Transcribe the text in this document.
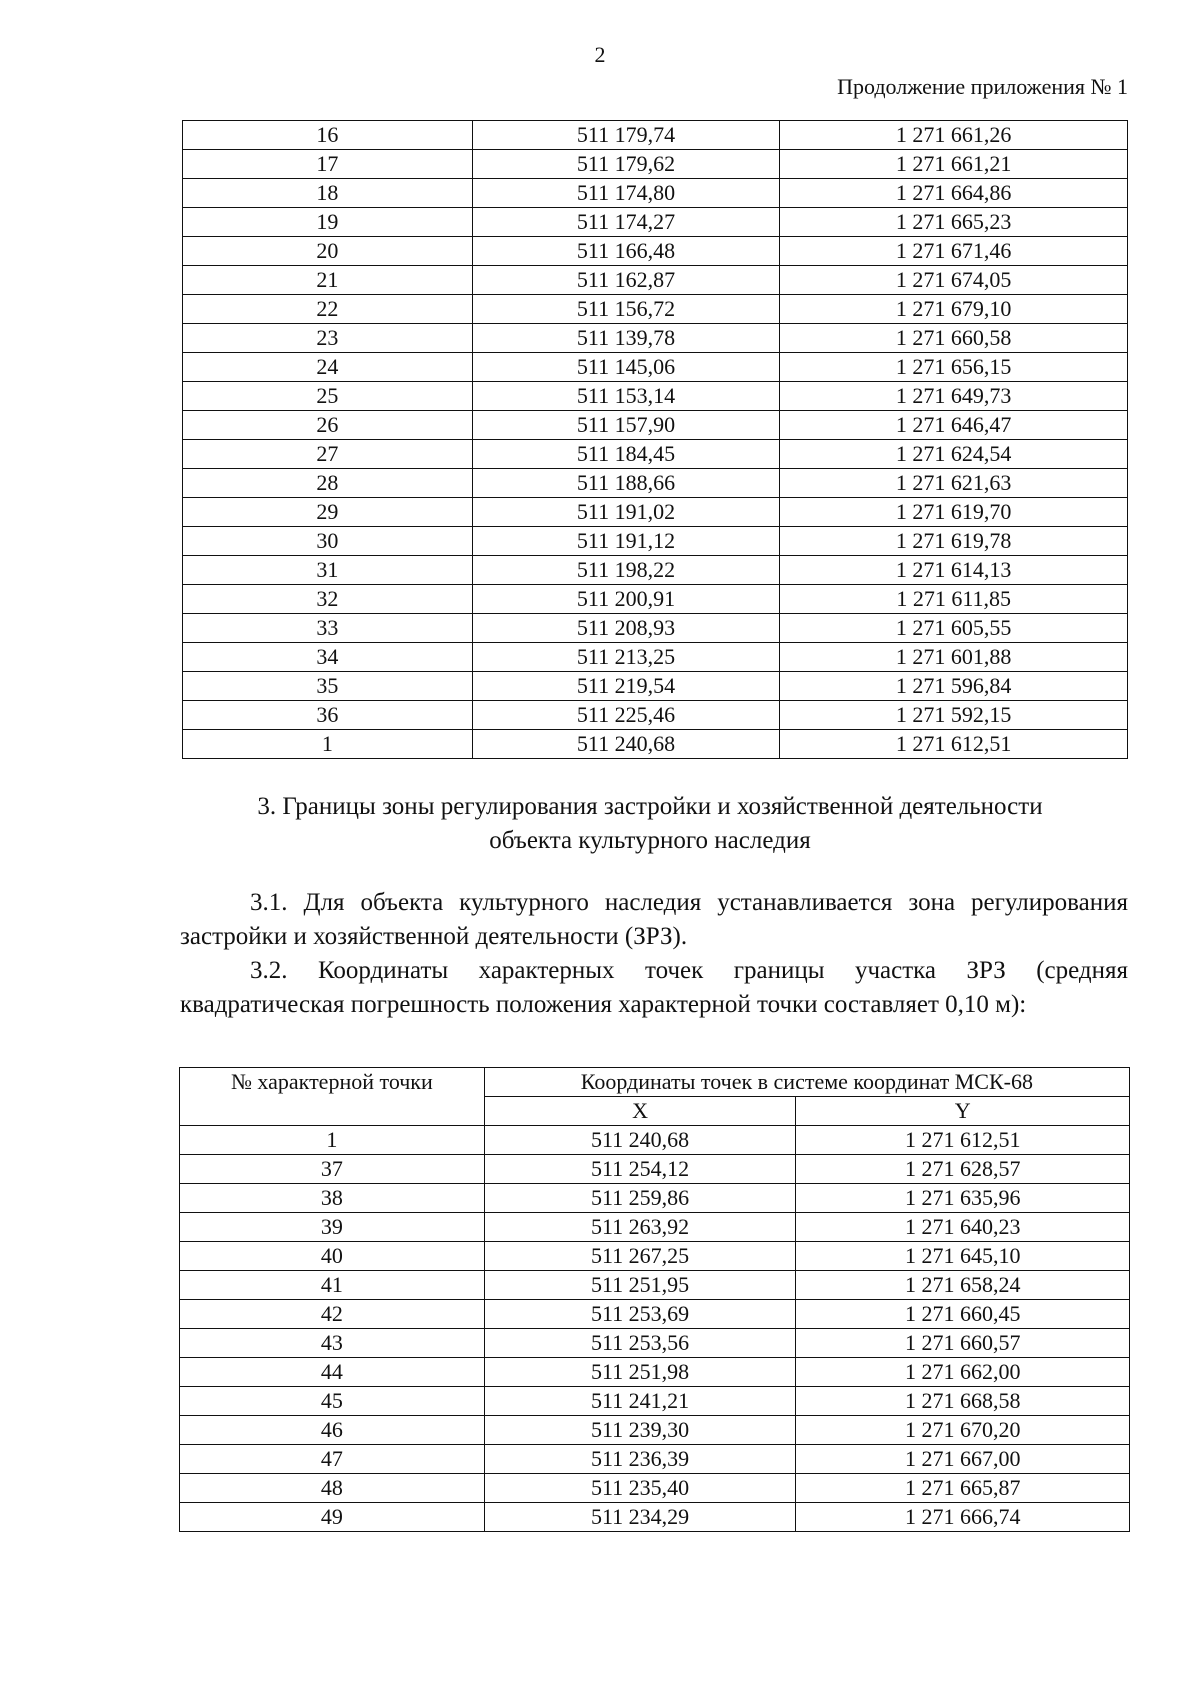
2
Продолжение приложения № 1
16	511 179,74	1 271 661,26
17	511 179,62	1 271 661,21
18	511 174,80	1 271 664,86
19	511 174,27	1 271 665,23
20	511 166,48	1 271 671,46
21	511 162,87	1 271 674,05
22	511 156,72	1 271 679,10
23	511 139,78	1 271 660,58
24	511 145,06	1 271 656,15
25	511 153,14	1 271 649,73
26	511 157,90	1 271 646,47
27	511 184,45	1 271 624,54
28	511 188,66	1 271 621,63
29	511 191,02	1 271 619,70
30	511 191,12	1 271 619,78
31	511 198,22	1 271 614,13
32	511 200,91	1 271 611,85
33	511 208,93	1 271 605,55
34	511 213,25	1 271 601,88
35	511 219,54	1 271 596,84
36	511 225,46	1 271 592,15
1	511 240,68	1 271 612,51
3. Границы зоны регулирования застройки и хозяйственной деятельности
объекта культурного наследия
3.1. Для объекта культурного наследия устанавливается зона регулирования застройки и хозяйственной деятельности (ЗРЗ).
3.2. Координаты характерных точек границы участка ЗРЗ (средняя квадратическая погрешность положения характерной точки составляет 0,10 м):
№ характерной точки	Координаты точек в системе координат МСК-68	
	X	Y
1	511 240,68	1 271 612,51
37	511 254,12	1 271 628,57
38	511 259,86	1 271 635,96
39	511 263,92	1 271 640,23
40	511 267,25	1 271 645,10
41	511 251,95	1 271 658,24
42	511 253,69	1 271 660,45
43	511 253,56	1 271 660,57
44	511 251,98	1 271 662,00
45	511 241,21	1 271 668,58
46	511 239,30	1 271 670,20
47	511 236,39	1 271 667,00
48	511 235,40	1 271 665,87
49	511 234,29	1 271 666,74
